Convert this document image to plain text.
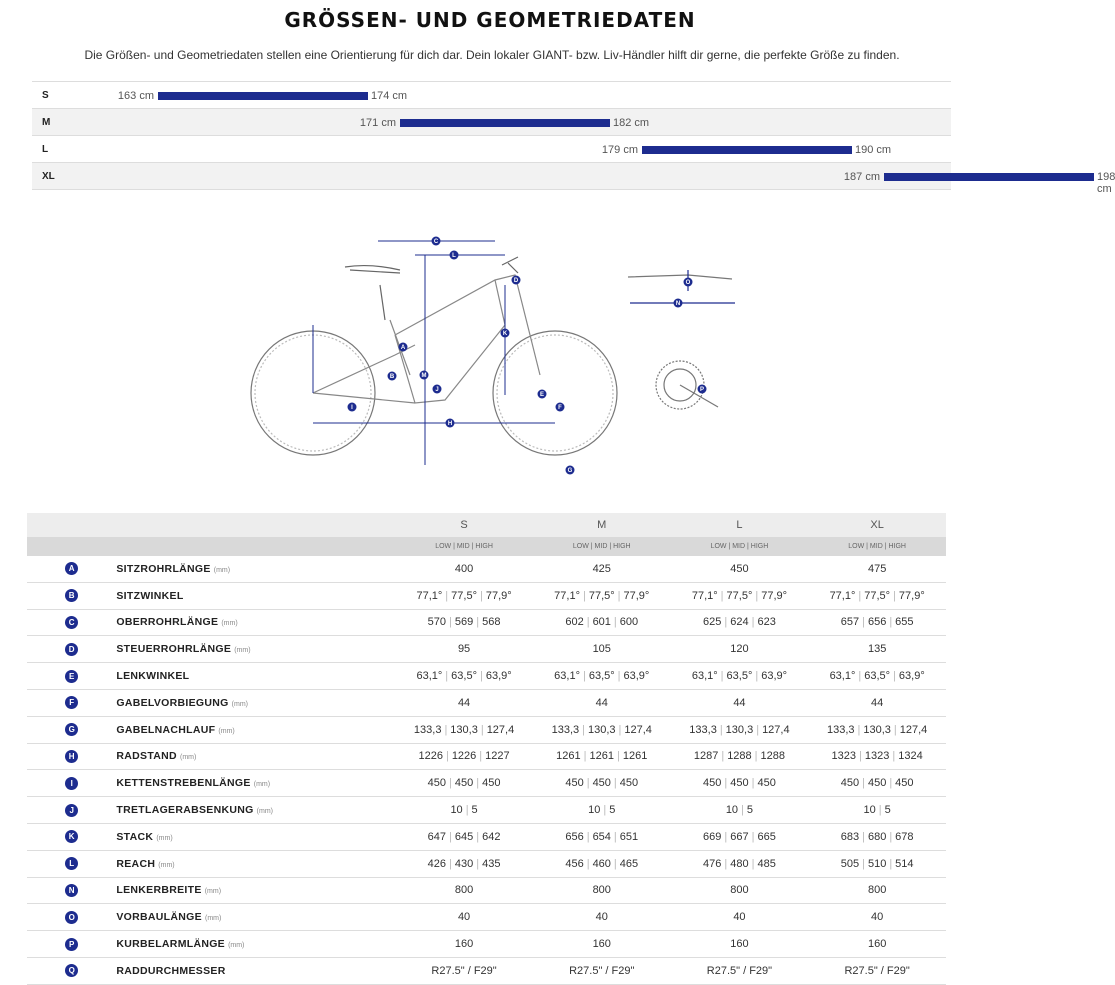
GRÖSSEN- UND GEOMETRIEDATEN
Die Größen- und Geometriedaten stellen eine Orientierung für dich dar. Dein lokaler GIANT- bzw. Liv-Händler hilft dir gerne, die perfekte Größe zu finden.
S	163 cm	174 cm
M	171 cm	182 cm
L	179 cm	190 cm
XL	187 cm	198 cm
C
L
H
K
A
B	M
I
J
E
F
G
D
N
O
P
		S	M	L	XL
		LOW | MID | HIGH	LOW | MID | HIGH	LOW | MID | HIGH	LOW | MID | HIGH
A	SITZROHRLÄNGE (mm)	400	425	450	475
B	SITZWINKEL	77,1° | 77,5° | 77,9°	77,1° | 77,5° | 77,9°	77,1° | 77,5° | 77,9°	77,1° | 77,5° | 77,9°
C	OBERROHRLÄNGE (mm)	570 | 569 | 568	602 | 601 | 600	625 | 624 | 623	657 | 656 | 655
D	STEUERROHRLÄNGE (mm)	95	105	120	135
E	LENKWINKEL	63,1° | 63,5° | 63,9°	63,1° | 63,5° | 63,9°	63,1° | 63,5° | 63,9°	63,1° | 63,5° | 63,9°
F	GABELVORBIEGUNG (mm)	44	44	44	44
G	GABELNACHLAUF (mm)	133,3 | 130,3 | 127,4	133,3 | 130,3 | 127,4	133,3 | 130,3 | 127,4	133,3 | 130,3 | 127,4
H	RADSTAND (mm)	1226 | 1226 | 1227	1261 | 1261 | 1261	1287 | 1288 | 1288	1323 | 1323 | 1324
I	KETTENSTREBENLÄNGE (mm)	450 | 450 | 450	450 | 450 | 450	450 | 450 | 450	450 | 450 | 450
J	TRETLAGERABSENKUNG (mm)	10 | 5	10 | 5	10 | 5	10 | 5
K	STACK (mm)	647 | 645 | 642	656 | 654 | 651	669 | 667 | 665	683 | 680 | 678
L	REACH (mm)	426 | 430 | 435	456 | 460 | 465	476 | 480 | 485	505 | 510 | 514
N	LENKERBREITE (mm)	800	800	800	800
O	VORBAULÄNGE (mm)	40	40	40	40
P	KURBELARMLÄNGE (mm)	160	160	160	160
Q	RADDURCHMESSER	R27.5" / F29"	R27.5" / F29"	R27.5" / F29"	R27.5" / F29"
